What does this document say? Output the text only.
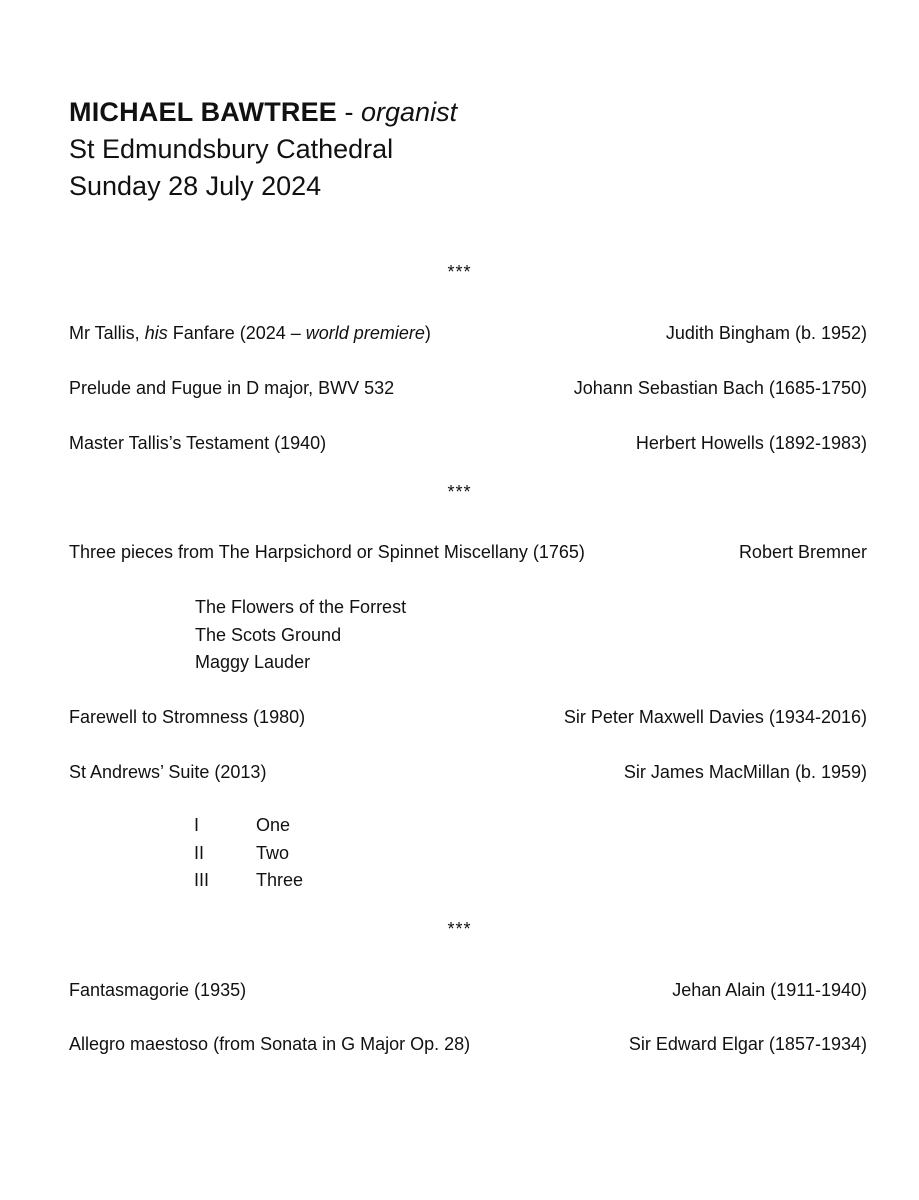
MICHAEL BAWTREE - organist
St Edmundsbury Cathedral
Sunday 28 July 2024
***
Mr Tallis, his Fanfare (2024 – world premiere)	Judith Bingham (b. 1952)
Prelude and Fugue in D major, BWV 532	Johann Sebastian Bach (1685-1750)
Master Tallis’s Testament (1940)	Herbert Howells (1892-1983)
***
Three pieces from The Harpsichord or Spinnet Miscellany (1765)	Robert Bremner
The Flowers of the Forrest
The Scots Ground
Maggy Lauder
Farewell to Stromness (1980)	Sir Peter Maxwell Davies (1934-2016)
St Andrews’ Suite (2013)	Sir James MacMillan (b. 1959)
I	One
II	Two
III	Three
***
Fantasmagorie (1935)	Jehan Alain (1911-1940)
Allegro maestoso (from Sonata in G Major Op. 28)	Sir Edward Elgar (1857-1934)
